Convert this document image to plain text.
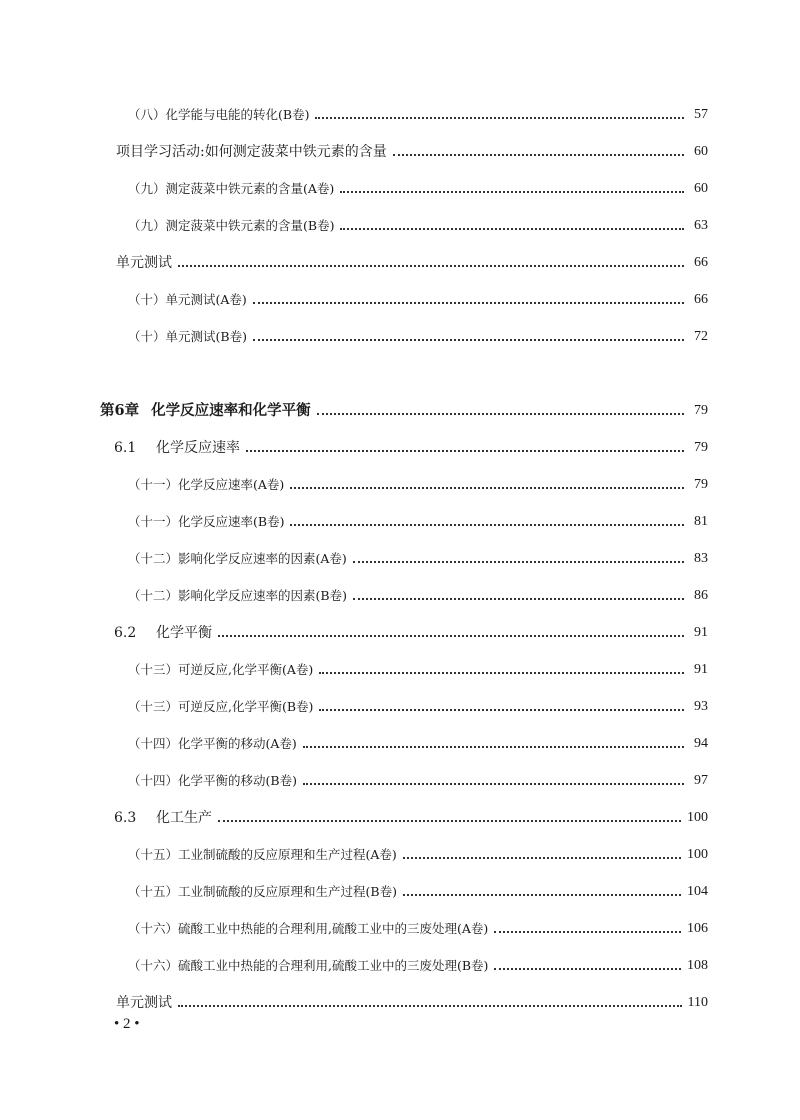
（八）化学能与电能的转化(B卷)	57
项目学习活动:如何测定菠菜中铁元素的含量	60
（九）测定菠菜中铁元素的含量(A卷)	60
（九）测定菠菜中铁元素的含量(B卷)	63
单元测试	66
（十）单元测试(A卷)	66
（十）单元测试(B卷)	72
第6章 化学反应速率和化学平衡	79
6.1 化学反应速率	79
（十一）化学反应速率(A卷)	79
（十一）化学反应速率(B卷)	81
（十二）影响化学反应速率的因素(A卷)	83
（十二）影响化学反应速率的因素(B卷)	86
6.2 化学平衡	91
（十三）可逆反应,化学平衡(A卷)	91
（十三）可逆反应,化学平衡(B卷)	93
（十四）化学平衡的移动(A卷)	94
（十四）化学平衡的移动(B卷)	97
6.3 化工生产	100
（十五）工业制硫酸的反应原理和生产过程(A卷)	100
（十五）工业制硫酸的反应原理和生产过程(B卷)	104
（十六）硫酸工业中热能的合理利用,硫酸工业中的三废处理(A卷)	106
（十六）硫酸工业中热能的合理利用,硫酸工业中的三废处理(B卷)	108
单元测试	110
• 2 •
